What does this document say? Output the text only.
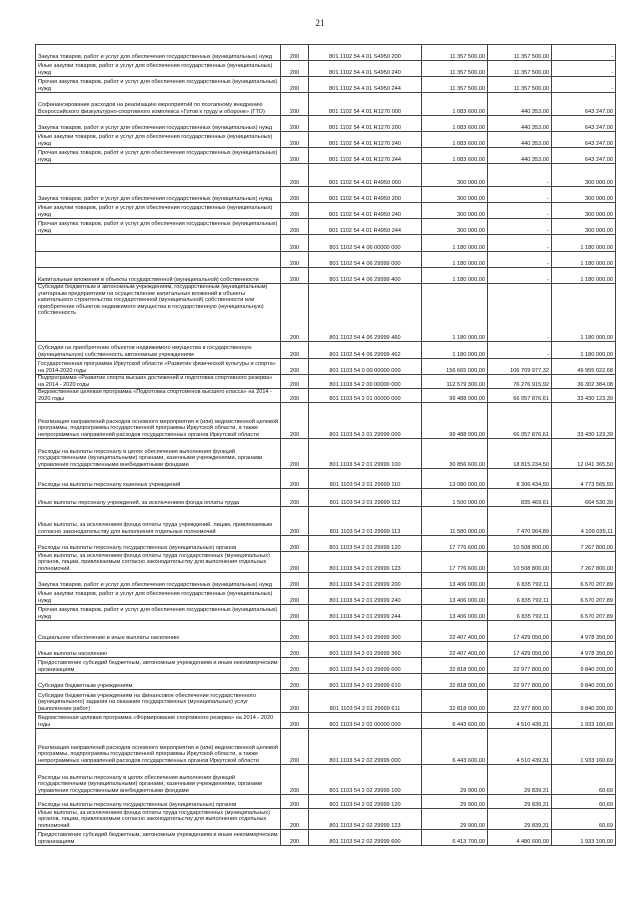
21
Закупка товаров, работ и услуг для обеспечения государственных (муниципальных) нужд	200	801 1102 54 4 01 S4950 200	11 357 500,00	11 357 500,00	-
Иные закупки товаров, работ и услуг для обеспечения государственных (муниципальных) нужд	200	801 1102 54 4 01 S4950 240	11 357 500,00	11 357 500,00	-
Прочая закупка товаров, работ и услуг для обеспечения государственных (муниципальных) нужд	200	801 1102 54 4 01 S4950 244	11 357 500,00	11 357 500,00	-
Софинансирование расходов на реализацию мероприятий по поэтапному внедрению Всероссийского физкультурно-спортивного комплекса «Готов к труду и обороне» (ГТО)	200	801 1102 54 4 01 R1270 000	1 083 600,00	440 353,00	643 247,00
Закупка товаров, работ и услуг для обеспечения государственных (муниципальных) нужд	200	801 1102 54 4 01 R1270 200	1 083 600,00	440 353,00	643 247,00
Иные закупки товаров, работ и услуг для обеспечения государственных (муниципальных) нужд	200	801 1102 54 4 01 R1270 240	1 083 600,00	440 353,00	643 247,00
Прочая закупка товаров, работ и услуг для обеспечения государственных (муниципальных) нужд	200	801 1102 54 4 01 R1270 244	1 083 600,00	440 353,00	643 247,00
	200	801 1102 54 4 01 R4950 000	300 000,00	-	300 000,00
Закупка товаров, работ и услуг для обеспечения государственных (муниципальных) нужд	200	801 1102 54 4 01 R4950 200	300 000,00	-	300 000,00
Иные закупки товаров, работ и услуг для обеспечения государственных (муниципальных) нужд	200	801 1102 54 4 01 R4950 240	300 000,00	-	300 000,00
Прочая закупка товаров, работ и услуг для обеспечения государственных (муниципальных) нужд	200	801 1102 54 4 01 R4950 244	300 000,00	-	300 000,00
	200	801 1102 54 4 06 00000 000	1 180 000,00	-	1 180 000,00
	200	801 1102 54 4 06 29999 000	1 180 000,00	-	1 180 000,00
Капитальные вложения в объекты государственной (муниципальной) собственности	200	801 1102 54 4 06 29999 400	1 180 000,00	-	1 180 000,00
Субсидии бюджетным и автономным учреждениям, государственным (муниципальным) унитарным предприятиям на осуществление капитальных вложений в объекты капитального строительства государственной (муниципальной) собственности или приобретение объектов недвижимого имущества в государственную (муниципальную) собственность	200	801 1102 54 4 06 29999 460	1 180 000,00	-	1 180 000,00
Субсидии на приобретение объектов недвижимого имущества в государственную (муниципальную) собственность автономным учреждениям	200	801 1102 54 4 06 29999 462	1 180 000,00	-	1 180 000,00
Государственная программа Иркутской области «Развитие физической культуры и спорта» на 2014-2020 годы	200	801 1103 54 0 00 00000 000	156 665 000,00	106 709 977,32	49 955 022,68
Подпрограмма «Развитие спорта высших достижений и подготовка спортивного резерва» на 2014 - 2020 годы	200	801 1103 54 2 00 00000 000	112 579 300,00	76 276 915,92	36 302 384,08
Ведомственная целевая программа «Подготовка спортсменов высшего класса» на 2014 - 2020 годы	200	801 1103 54 2 01 00000 000	99 488 000,00	66 057 876,61	33 430 123,39
Реализация направлений расходов основного мероприятия и (или) ведомственной целевой программы, подпрограммы государственной программы Иркутской области, а также непрограммных направлений расходов государственных органов Иркутской области	200	801 1103 54 2 01 29999 000	99 488 000,00	66 057 876,61	33 430 123,39
Расходы на выплаты персоналу в целях обеспечения выполнения функций государственными (муниципальными) органами, казенными учреждениями, органами управления государственными внебюджетными фондами	200	801 1103 54 2 01 29999 100	30 856 600,00	18 815 234,50	12 041 365,50
Расходы на выплаты персоналу казенных учреждений	200	801 1103 54 2 01 29999 110	13 080 000,00	8 306 434,50	4 773 565,50
Иные выплаты персоналу учреждений, за исключением фонда оплаты труда	200	801 1103 54 2 01 29999 112	1 500 000,00	835 469,61	664 530,39
Иные выплаты, за исключением фонда оплаты труда учреждений, лицам, привлекаемым согласно законодательству для выполнения отдельных полномочий	200	801 1103 54 2 01 29999 113	11 580 000,00	7 470 964,89	4 109 035,11
Расходы на выплаты персоналу государственных (муниципальных) органов	200	801 1103 54 2 01 29999 120	17 776 600,00	10 508 800,00	7 267 800,00
Иные выплаты, за исключением фонда оплаты труда государственных (муниципальных) органов, лицам, привлекаемым согласно законодательству для выполнения отдельных полномочий	200	801 1103 54 2 01 29999 123	17 776 600,00	10 508 800,00	7 267 800,00
Закупка товаров, работ и услуг для обеспечения государственных (муниципальных) нужд	200	801 1103 54 2 01 29999 200	13 406 000,00	6 835 792,11	6 570 207,89
Иные закупки товаров, работ и услуг для обеспечения государственных (муниципальных) нужд	200	801 1103 54 2 01 29999 240	13 406 000,00	6 835 792,11	6 570 207,89
Прочая закупка товаров, работ и услуг для обеспечения государственных (муниципальных) нужд	200	801 1103 54 2 01 29999 244	13 406 000,00	6 835 792,11	6 570 207,89
Социальное обеспечение и иные выплаты населению	200	801 1103 54 2 01 29999 300	22 407 400,00	17 429 050,00	4 978 350,00
Иные выплаты населению	200	801 1103 54 2 01 29999 360	22 407 400,00	17 429 050,00	4 978 350,00
Предоставление субсидий бюджетным, автономным учреждениям и иным некоммерческим организациям	200	801 1103 54 2 01 29999 600	32 818 000,00	22 977 800,00	9 840 200,00
Субсидии бюджетным учреждениям	200	801 1103 54 2 01 29999 610	32 818 000,00	22 977 800,00	9 840 200,00
Субсидии бюджетным учреждениям на финансовое обеспечение государственного (муниципального) задания на оказание государственных (муниципальных) услуг (выполнение работ)	200	801 1103 54 2 01 29999 611	32 818 000,00	22 977 800,00	9 840 200,00
Ведомственная целевая программа «Формирование спортивного резерва» на 2014 - 2020 годы	200	801 1103 54 2 02 00000 000	6 443 600,00	4 510 439,31	1 933 160,69
Реализация направлений расходов основного мероприятия и (или) ведомственной целевой программы, подпрограммы государственной программы Иркутской области, а также непрограммных направлений расходов государственных органов Иркутской области	200	801 1103 54 2 02 29999 000	6 443 600,00	4 510 439,31	1 933 160,69
Расходы на выплаты персоналу в целях обеспечения выполнения функций государственными (муниципальными) органами, казенными учреждениями, органами управления государственными внебюджетными фондами	200	801 1103 54 2 02 29999 100	29 900,00	29 839,31	60,69
Расходы на выплаты персоналу государственных (муниципальных) органов	200	801 1103 54 2 02 29999 120	29 900,00	29 839,31	60,69
Иные выплаты, за исключением фонда оплаты труда государственных (муниципальных) органов, лицам, привлекаемым согласно законодательству для выполнения отдельных полномочий	200	801 1103 54 2 02 29999 123	29 900,00	29 839,31	60,69
Предоставление субсидий бюджетным, автономным учреждениям и иным некоммерческим организациям	200	801 1103 54 2 02 29999 600	6 413 700,00	4 480 600,00	1 933 100,00
